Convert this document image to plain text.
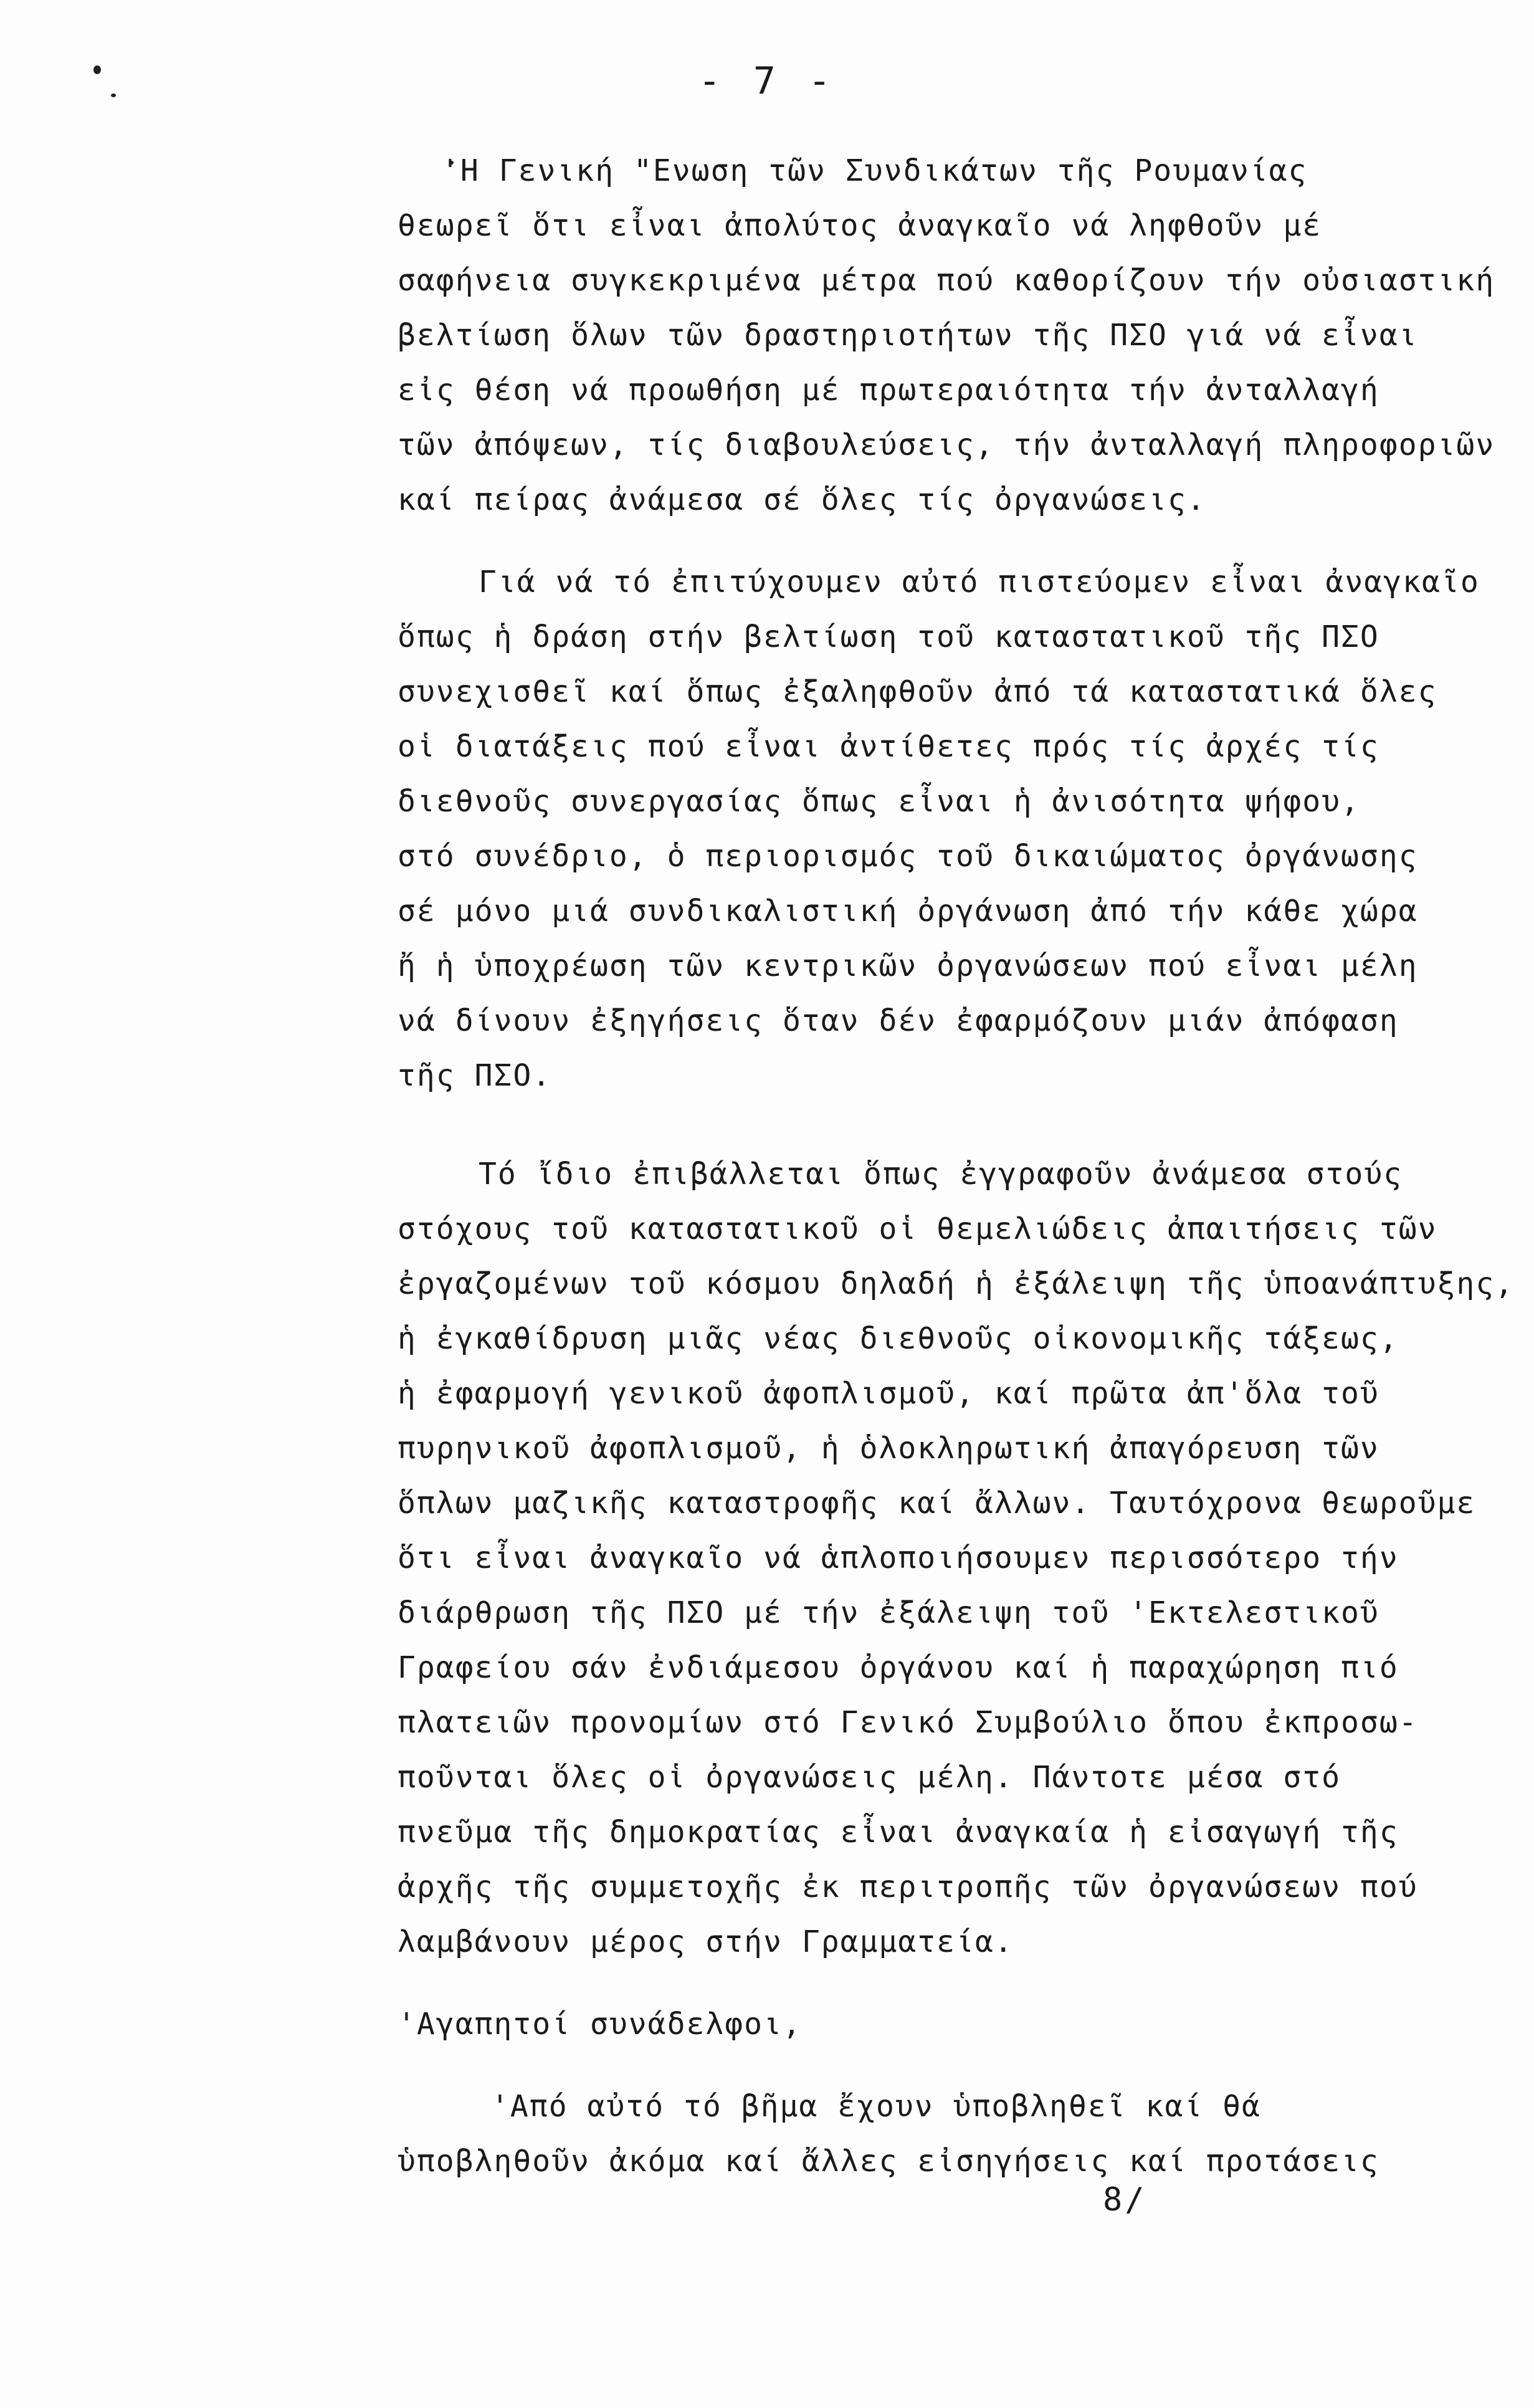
- 7 -
'Η Γενική "Ενωση τῶν Συνδικάτων τῆς Ρουμανίας
θεωρεῖ ὅτι εἶναι ἀπολύτος ἀναγκαῖο νά ληφθοῦν μέ
σαφήνεια συγκεκριμένα μέτρα πού καθορίζουν τήν οὐσιαστική
βελτίωση ὅλων τῶν δραστηριοτήτων τῆς ΠΣΟ γιά νά εἶναι
εἰς θέση νά προωθήση μέ πρωτεραιότητα τήν ἀνταλλαγή
τῶν ἀπόψεων, τίς διαβουλεύσεις, τήν ἀνταλλαγή πληροφοριῶν
καί πείρας ἀνάμεσα σέ ὅλες τίς ὀργανώσεις.
Γιά νά τό ἐπιτύχουμεν αὐτό πιστεύομεν εἶναι ἀναγκαῖο
ὅπως ἡ δράση στήν βελτίωση τοῦ καταστατικοῦ τῆς ΠΣΟ
συνεχισθεῖ καί ὅπως ἐξαληφθοῦν ἀπό τά καταστατικά ὅλες
οἱ διατάξεις πού εἶναι ἀντίθετες πρός τίς ἀρχές τίς
διεθνοῦς συνεργασίας ὅπως εἶναι ἡ ἀνισότητα ψήφου,
στό συνέδριο, ὁ περιορισμός τοῦ δικαιώματος ὀργάνωσης
σέ μόνο μιά συνδικαλιστική ὀργάνωση ἀπό τήν κάθε χώρα
ἤ ἡ ὑποχρέωση τῶν κεντρικῶν ὀργανώσεων πού εἶναι μέλη
νά δίνουν ἐξηγήσεις ὅταν δέν ἐφαρμόζουν μιάν ἀπόφαση
τῆς ΠΣΟ.
Τό ἴδιο ἐπιβάλλεται ὅπως ἐγγραφοῦν ἀνάμεσα στούς
στόχους τοῦ καταστατικοῦ οἱ θεμελιώδεις ἀπαιτήσεις τῶν
ἐργαζομένων τοῦ κόσμου δηλαδή ἡ ἐξάλειψη τῆς ὑποανάπτυξης,
ἡ ἐγκαθίδρυση μιᾶς νέας διεθνοῦς οἰκονομικῆς τάξεως,
ἡ ἐφαρμογή γενικοῦ ἀφοπλισμοῦ, καί πρῶτα ἀπ'ὅλα τοῦ
πυρηνικοῦ ἀφοπλισμοῦ, ἡ ὁλοκληρωτική ἀπαγόρευση τῶν
ὅπλων μαζικῆς καταστροφῆς καί ἄλλων. Ταυτόχρονα θεωροῦμε
ὅτι εἶναι ἀναγκαῖο νά ἁπλοποιήσουμεν περισσότερο τήν
διάρθρωση τῆς ΠΣΟ μέ τήν ἐξάλειψη τοῦ 'Εκτελεστικοῦ
Γραφείου σάν ἐνδιάμεσου ὀργάνου καί ἡ παραχώρηση πιό
πλατειῶν προνομίων στό Γενικό Συμβούλιο ὅπου ἐκπροσω-
ποῦνται ὅλες οἱ ὀργανώσεις μέλη. Πάντοτε μέσα στό
πνεῦμα τῆς δημοκρατίας εἶναι ἀναγκαία ἡ εἰσαγωγή τῆς
ἀρχῆς τῆς συμμετοχῆς ἐκ περιτροπῆς τῶν ὀργανώσεων πού
λαμβάνουν μέρος στήν Γραμματεία.
'Αγαπητοί συνάδελφοι,
'Από αὐτό τό βῆμα ἔχουν ὑποβληθεῖ καί θά
ὑποβληθοῦν ἀκόμα καί ἄλλες εἰσηγήσεις καί προτάσεις
8/
